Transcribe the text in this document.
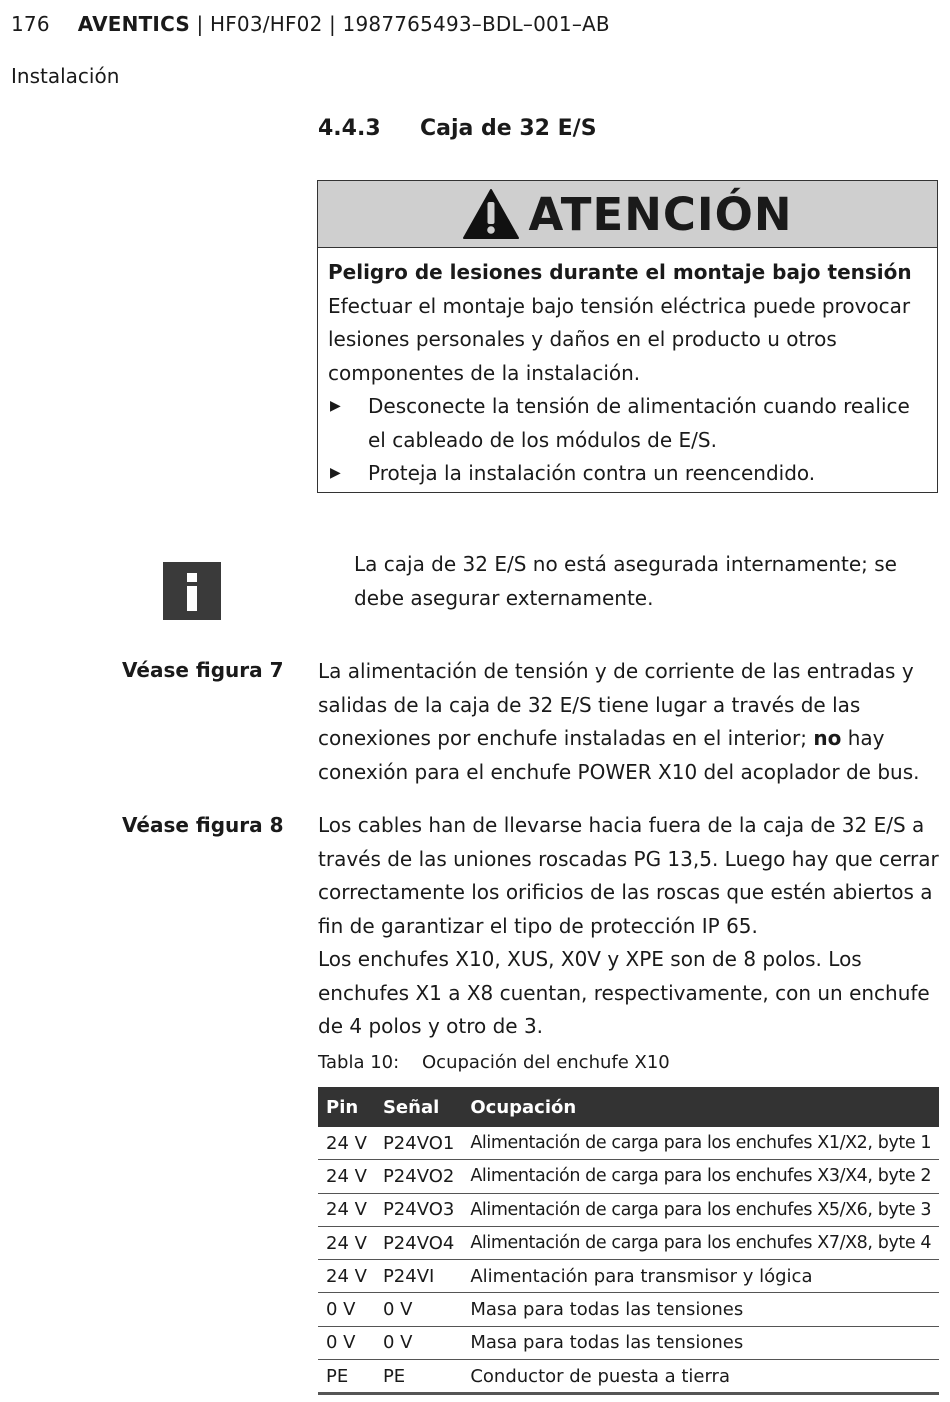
176 AVENTICS | HF03/HF02 | 1987765493–BDL–001–AB
Instalación
4.4.3 Caja de 32 E/S
ATENCIÓN
Peligro de lesiones durante el montaje bajo tensión
Efectuar el montaje bajo tensión eléctrica puede provocar lesiones personales y daños en el producto u otros componentes de la instalación.
▶	Desconecte la tensión de alimentación cuando realice el cableado de los módulos de E/S.
▶	Proteja la instalación contra un reencendido.
La caja de 32 E/S no está asegurada internamente; se debe asegurar externamente.
Véase figura 7 La alimentación de tensión y de corriente de las entradas y salidas de la caja de 32 E/S tiene lugar a través de las conexiones por enchufe instaladas en el interior; no hay conexión para el enchufe POWER X10 del acoplador de bus.
Véase figura 8 Los cables han de llevarse hacia fuera de la caja de 32 E/S a través de las uniones roscadas PG 13,5. Luego hay que cerrar correctamente los orificios de las roscas que estén abiertos a fin de garantizar el tipo de protección IP 65.
Los enchufes X10, XUS, X0V y XPE son de 8 polos. Los enchufes X1 a X8 cuentan, respectivamente, con un enchufe de 4 polos y otro de 3.
Tabla 10: Ocupación del enchufe X10
Pin	Señal	Ocupación
24 V	P24VO1	Alimentación de carga para los enchufes X1/X2, byte 1
24 V	P24VO2	Alimentación de carga para los enchufes X3/X4, byte 2
24 V	P24VO3	Alimentación de carga para los enchufes X5/X6, byte 3
24 V	P24VO4	Alimentación de carga para los enchufes X7/X8, byte 4
24 V	P24VI	Alimentación para transmisor y lógica
0 V	0 V	Masa para todas las tensiones
0 V	0 V	Masa para todas las tensiones
PE	PE	Conductor de puesta a tierra
